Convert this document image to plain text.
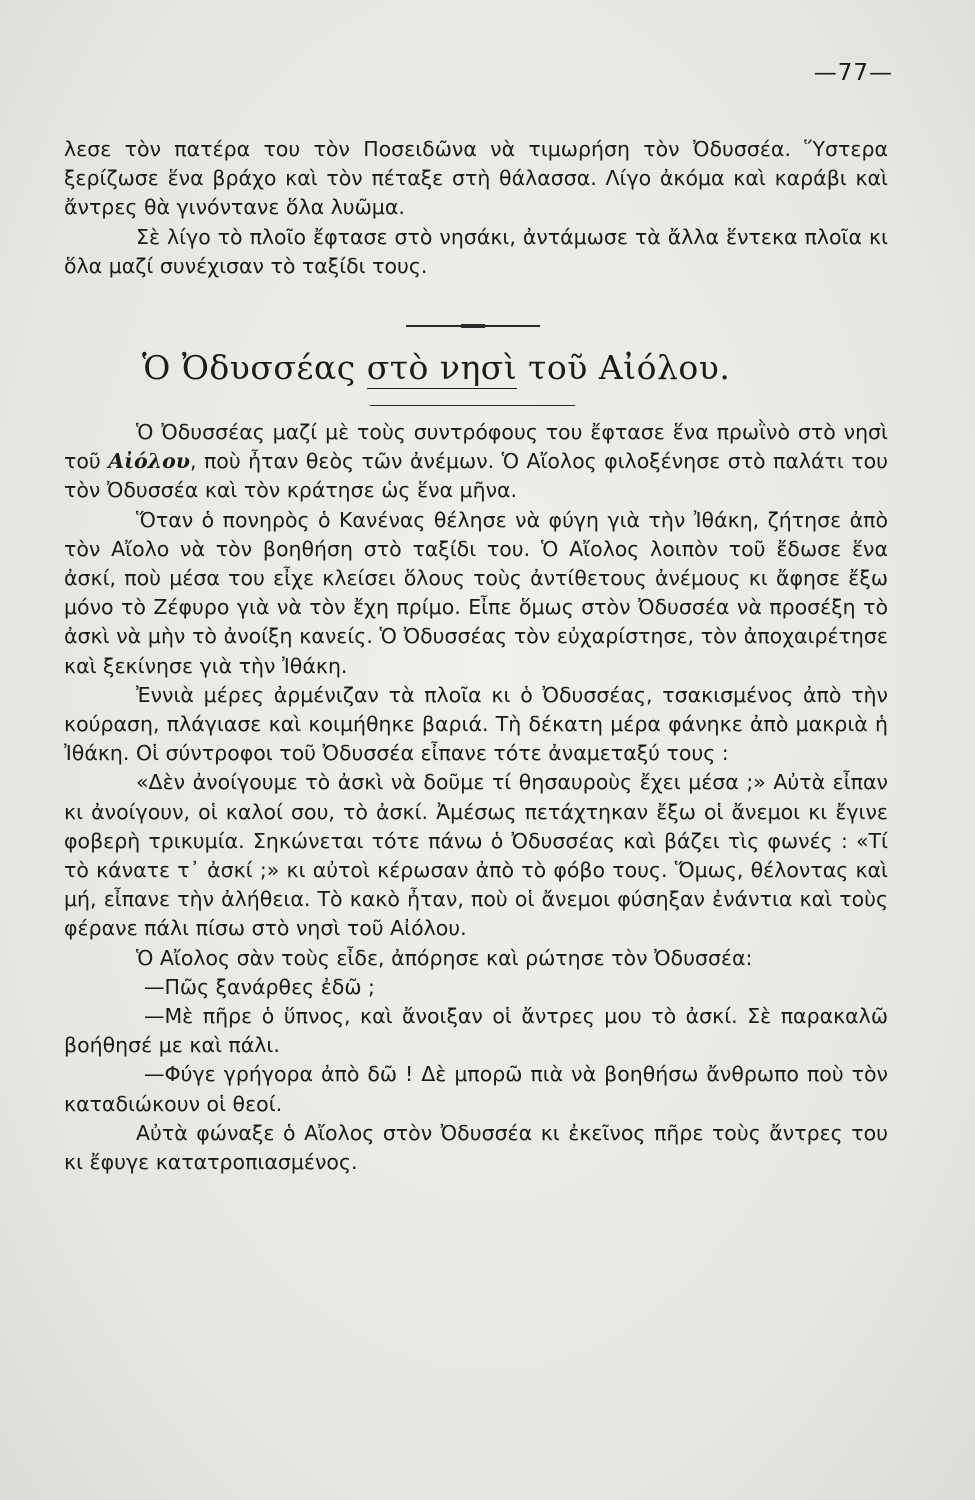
—77—

λεσε τὸν πατέρα του τὸν Ποσειδῶνα νὰ τιμωρήση τὸν Ὀδυσσέα. Ὕστερα ξερίζωσε ἕνα βράχο καὶ τὸν πέταξε στὴ θάλασσα. Λίγο ἀκόμα καὶ καράβι καὶ ἄντρες θὰ γινόντανε ὅλα λυῶμα.

Σὲ λίγο τὸ πλοῖο ἔφτασε στὸ νησάκι, ἀντάμωσε τὰ ἄλλα ἕντεκα πλοῖα κι ὅλα μαζί συνέχισαν τὸ ταξίδι τους.

Ὁ Ὀδυσσέας στὸ νησὶ τοῦ Αἰόλου.

Ὁ Ὀδυσσέας μαζί μὲ τοὺς συντρόφους του ἔφτασε ἕνα πρωῒνὸ στὸ νησὶ τοῦ Αἰόλου, ποὺ ἦταν θεὸς τῶν ἀνέμων. Ὁ Αἴολος φιλοξένησε στὸ παλάτι του τὸν Ὀδυσσέα καὶ τὸν κράτησε ὡς ἕνα μῆνα.

Ὅταν ὁ πονηρὸς ὁ Κανένας θέλησε νὰ φύγη γιὰ τὴν Ἰθάκη, ζήτησε ἀπὸ τὸν Αἴολο νὰ τὸν βοηθήση στὸ ταξίδι του. Ὁ Αἴολος λοιπὸν τοῦ ἔδωσε ἕνα ἀσκί, ποὺ μέσα του εἶχε κλείσει ὅλους τοὺς ἀντίθετους ἀνέμους κι ἄφησε ἔξω μόνο τὸ Ζέφυρο γιὰ νὰ τὸν ἔχη πρίμο. Εἶπε ὅμως στὸν Ὀδυσσέα νὰ προσέξη τὸ ἀσκὶ νὰ μὴν τὸ ἀνοίξη κανείς. Ὁ Ὀδυσσέας τὸν εὐχαρίστησε, τὸν ἀποχαιρέτησε καὶ ξεκίνησε γιὰ τὴν Ἰθάκη.

Ἐννιὰ μέρες ἀρμένιζαν τὰ πλοῖα κι ὁ Ὀδυσσέας, τσακισμένος ἀπὸ τὴν κούραση, πλάγιασε καὶ κοιμήθηκε βαριά. Τὴ δέκατη μέρα φάνηκε ἀπὸ μακριὰ ἡ Ἰθάκη. Οἱ σύντροφοι τοῦ Ὀδυσσέα εἶπανε τότε ἀναμεταξύ τους :

«Δὲν ἀνοίγουμε τὸ ἀσκὶ νὰ δοῦμε τί θησαυροὺς ἔχει μέσα ;» Αὐτὰ εἶπαν κι ἀνοίγουν, οἱ καλοί σου, τὸ ἀσκί. Ἀμέσως πετάχτηκαν ἔξω οἱ ἄνεμοι κι ἔγινε φοβερὴ τρικυμία. Σηκώνεται τότε πάνω ὁ Ὀδυσσέας καὶ βάζει τὶς φωνές : «Τί τὸ κάνατε τ᾿ ἀσκί ;» κι αὐτοὶ κέρωσαν ἀπὸ τὸ φόβο τους. Ὅμως, θέλοντας καὶ μή, εἶπανε τὴν ἀλήθεια. Τὸ κακὸ ἦταν, ποὺ οἱ ἄνεμοι φύσηξαν ἐνάντια καὶ τοὺς φέρανε πάλι πίσω στὸ νησὶ τοῦ Αἰόλου.

Ὁ Αἴολος σὰν τοὺς εἶδε, ἀπόρησε καὶ ρώτησε τὸν Ὀδυσσέα:

—Πῶς ξανάρθες ἐδῶ ;

—Μὲ πῆρε ὁ ὕπνος, καὶ ἄνοιξαν οἱ ἄντρες μου τὸ ἀσκί. Σὲ παρακαλῶ βοήθησέ με καὶ πάλι.

—Φύγε γρήγορα ἀπὸ δῶ ! Δὲ μπορῶ πιὰ νὰ βοηθήσω ἄνθρωπο ποὺ τὸν καταδιώκουν οἱ θεοί.

Αὐτὰ φώναξε ὁ Αἴολος στὸν Ὀδυσσέα κι ἐκεῖνος πῆρε τοὺς ἄντρες του κι ἔφυγε κατατροπιασμένος.
